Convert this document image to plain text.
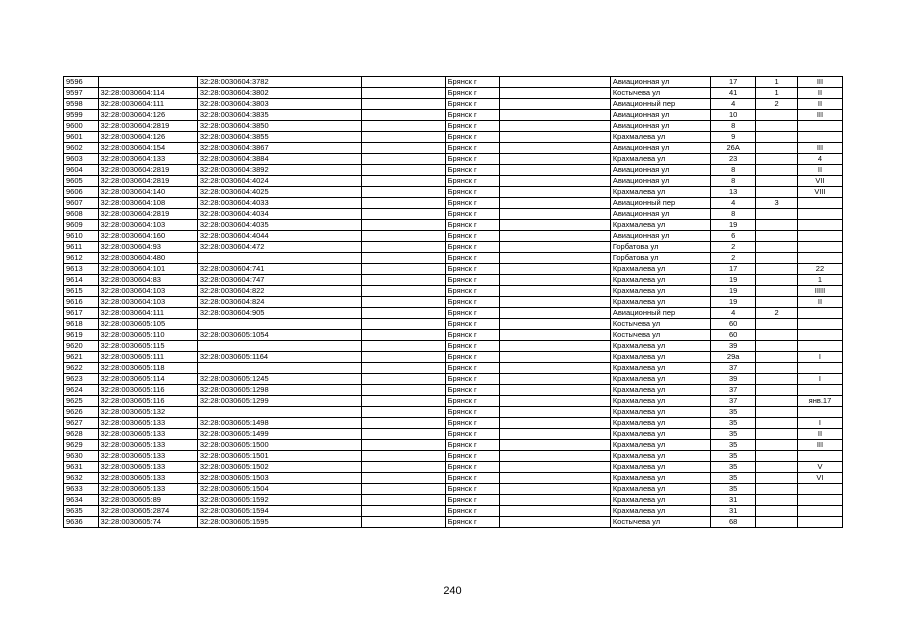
9596		32:28:0030604:3782		Брянск г		Авиационная ул	17	1	III
9597	32:28:0030604:114	32:28:0030604:3802		Брянск г		Костычева ул	41	1	II
9598	32:28:0030604:111	32:28:0030604:3803		Брянск г		Авиационный пер	4	2	II
9599	32:28:0030604:126	32:28:0030604:3835		Брянск г		Авиационная ул	10		III
9600	32:28:0030604:2819	32:28:0030604:3850		Брянск г		Авиационная ул	8		
9601	32:28:0030604:126	32:28:0030604:3855		Брянск г		Крахмалева ул	9		
9602	32:28:0030604:154	32:28:0030604:3867		Брянск г		Авиационная ул	26А		III
9603	32:28:0030604:133	32:28:0030604:3884		Брянск г		Крахмалева ул	23		4
9604	32:28:0030604:2819	32:28:0030604:3892		Брянск г		Авиационная ул	8		II
9605	32:28:0030604:2819	32:28:0030604:4024		Брянск г		Авиационная ул	8		VII
9606	32:28:0030604:140	32:28:0030604:4025		Брянск г		Крахмалева ул	13		VIII
9607	32:28:0030604:108	32:28:0030604:4033		Брянск г		Авиационный пер	4	3	
9608	32:28:0030604:2819	32:28:0030604:4034		Брянск г		Авиационная ул	8		
9609	32:28:0030604:103	32:28:0030604:4035		Брянск г		Крахмалева ул	19		
9610	32:28:0030604:160	32:28:0030604:4044		Брянск г		Авиационная ул	6		
9611	32:28:0030604:93	32:28:0030604:472		Брянск г		Горбатова ул	2		
9612	32:28:0030604:480			Брянск г		Горбатова ул	2		
9613	32:28:0030604:101	32:28:0030604:741		Брянск г		Крахмалева ул	17		22
9614	32:28:0030604:83	32:28:0030604:747		Брянск г		Крахмалева ул	19		1
9615	32:28:0030604:103	32:28:0030604:822		Брянск г		Крахмалева ул	19		IIIII
9616	32:28:0030604:103	32:28:0030604:824		Брянск г		Крахмалева ул	19		II
9617	32:28:0030604:111	32:28:0030604:905		Брянск г		Авиационный пер	4	2	
9618	32:28:0030605:105			Брянск г		Костычева ул	60		
9619	32:28:0030605:110	32:28:0030605:1054		Брянск г		Костычева ул	60		
9620	32:28:0030605:115			Брянск г		Крахмалева ул	39		
9621	32:28:0030605:111	32:28:0030605:1164		Брянск г		Крахмалева ул	29а		I
9622	32:28:0030605:118			Брянск г		Крахмалева ул	37		
9623	32:28:0030605:114	32:28:0030605:1245		Брянск г		Крахмалева ул	39		I
9624	32:28:0030605:116	32:28:0030605:1298		Брянск г		Крахмалева ул	37		
9625	32:28:0030605:116	32:28:0030605:1299		Брянск г		Крахмалева ул	37		янв.17
9626	32:28:0030605:132			Брянск г		Крахмалева ул	35		
9627	32:28:0030605:133	32:28:0030605:1498		Брянск г		Крахмалева ул	35		I
9628	32:28:0030605:133	32:28:0030605:1499		Брянск г		Крахмалева ул	35		II
9629	32:28:0030605:133	32:28:0030605:1500		Брянск г		Крахмалева ул	35		III
9630	32:28:0030605:133	32:28:0030605:1501		Брянск г		Крахмалева ул	35		
9631	32:28:0030605:133	32:28:0030605:1502		Брянск г		Крахмалева ул	35		V
9632	32:28:0030605:133	32:28:0030605:1503		Брянск г		Крахмалева ул	35		VI
9633	32:28:0030605:133	32:28:0030605:1504		Брянск г		Крахмалева ул	35		
9634	32:28:0030605:89	32:28:0030605:1592		Брянск г		Крахмалева ул	31		
9635	32:28:0030605:2874	32:28:0030605:1594		Брянск г		Крахмалева ул	31		
9636	32:28:0030605:74	32:28:0030605:1595		Брянск г		Костычева ул	68		
240
